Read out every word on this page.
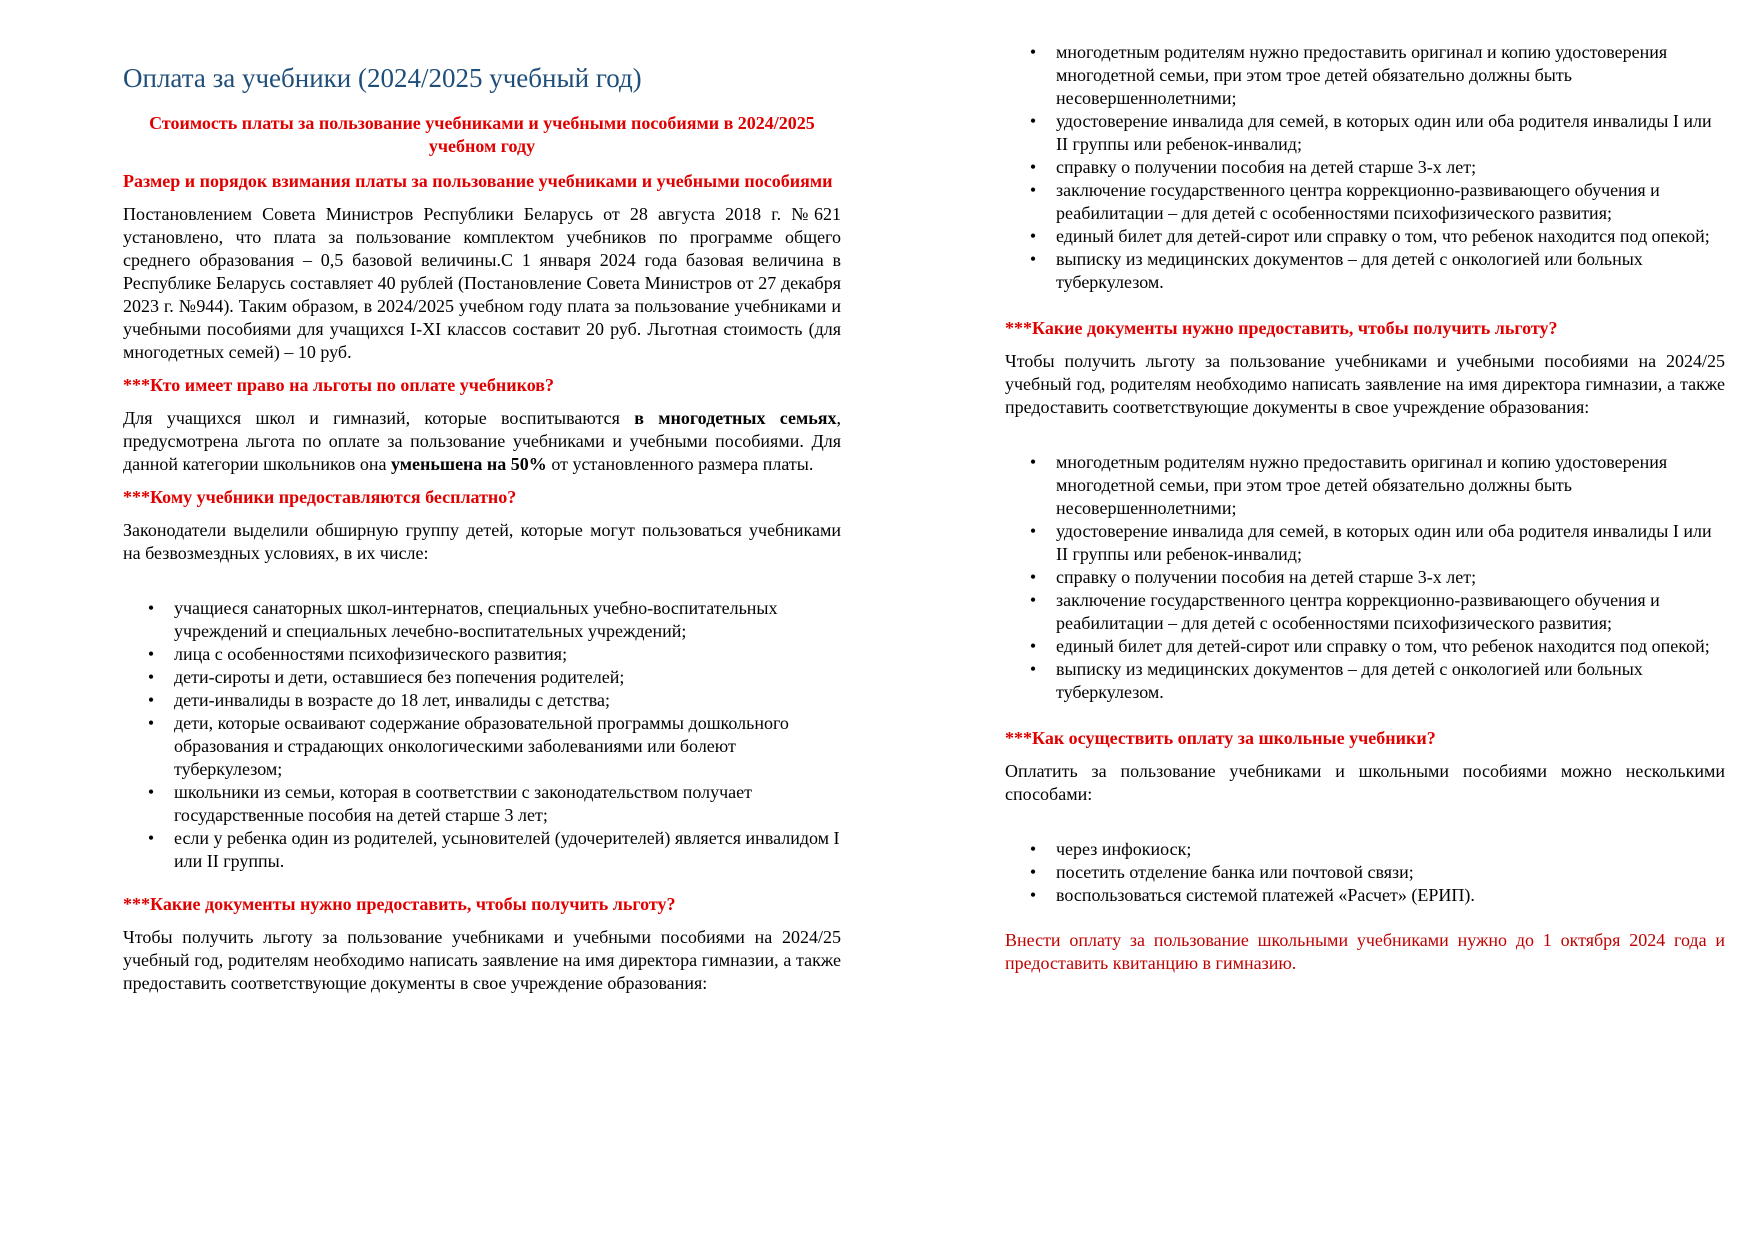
Оплата за учебники (2024/2025 учебный год)

Стоимость платы за пользование учебниками и учебными пособиями в 2024/2025 учебном году

Размер и порядок взимания платы за пользование учебниками и учебными пособиями

Постановлением Совета Министров Республики Беларусь от 28 августа 2018 г. №621 установлено, что плата за пользование комплектом учебников по программе общего среднего образования – 0,5 базовой величины.С 1 января 2024 года базовая величина в Республике Беларусь составляет 40 рублей (Постановление Совета Министров от 27 декабря 2023 г. №944). Таким образом, в 2024/2025 учебном году плата за пользование учебниками и учебными пособиями для учащихся I-XI классов составит 20 руб. Льготная стоимость (для многодетных семей) – 10 руб.

***Кто имеет право на льготы по оплате учебников?

Для учащихся школ и гимназий, которые воспитываются в многодетных семьях, предусмотрена льгота по оплате за пользование учебниками и учебными пособиями. Для данной категории школьников она уменьшена на 50% от установленного размера платы.

***Кому учебники предоставляются бесплатно?

Законодатели выделили обширную группу детей, которые могут пользоваться учебниками на безвозмездных условиях, в их числе:

• учащиеся санаторных школ-интернатов, специальных учебно-воспитательных учреждений и специальных лечебно-воспитательных учреждений;
• лица с особенностями психофизического развития;
• дети-сироты и дети, оставшиеся без попечения родителей;
• дети-инвалиды в возрасте до 18 лет, инвалиды с детства;
• дети, которые осваивают содержание образовательной программы дошкольного образования и страдающих онкологическими заболеваниями или болеют туберкулезом;
• школьники из семьи, которая в соответствии с законодательством получает государственные пособия на детей старше 3 лет;
• если у ребенка один из родителей, усыновителей (удочерителей) является инвалидом I или II группы.

***Какие документы нужно предоставить, чтобы получить льготу?

Чтобы получить льготу за пользование учебниками и учебными пособиями на 2024/25 учебный год, родителям необходимо написать заявление на имя директора гимназии, а также предоставить соответствующие документы в свое учреждение образования:

• многодетным родителям нужно предоставить оригинал и копию удостоверения многодетной семьи, при этом трое детей обязательно должны быть несовершеннолетними;
• удостоверение инвалида для семей, в которых один или оба родителя инвалиды I или II группы или ребенок-инвалид;
• справку о получении пособия на детей старше 3-х лет;
• заключение государственного центра коррекционно-развивающего обучения и реабилитации – для детей с особенностями психофизического развития;
• единый билет для детей-сирот или справку о том, что ребенок находится под опекой;
• выписку из медицинских документов – для детей с онкологией или больных туберкулезом.

***Какие документы нужно предоставить, чтобы получить льготу?

Чтобы получить льготу за пользование учебниками и учебными пособиями на 2024/25 учебный год, родителям необходимо написать заявление на имя директора гимназии, а также предоставить соответствующие документы в свое учреждение образования:

• многодетным родителям нужно предоставить оригинал и копию удостоверения многодетной семьи, при этом трое детей обязательно должны быть несовершеннолетними;
• удостоверение инвалида для семей, в которых один или оба родителя инвалиды I или II группы или ребенок-инвалид;
• справку о получении пособия на детей старше 3-х лет;
• заключение государственного центра коррекционно-развивающего обучения и реабилитации – для детей с особенностями психофизического развития;
• единый билет для детей-сирот или справку о том, что ребенок находится под опекой;
• выписку из медицинских документов – для детей с онкологией или больных туберкулезом.

***Как осуществить оплату за школьные учебники?

Оплатить за пользование учебниками и школьными пособиями можно несколькими способами:

• через инфокиоск;
• посетить отделение банка или почтовой связи;
• воспользоваться системой платежей «Расчет» (ЕРИП).

Внести оплату за пользование школьными учебниками нужно до 1 октября 2024 года и предоставить квитанцию в гимназию.
